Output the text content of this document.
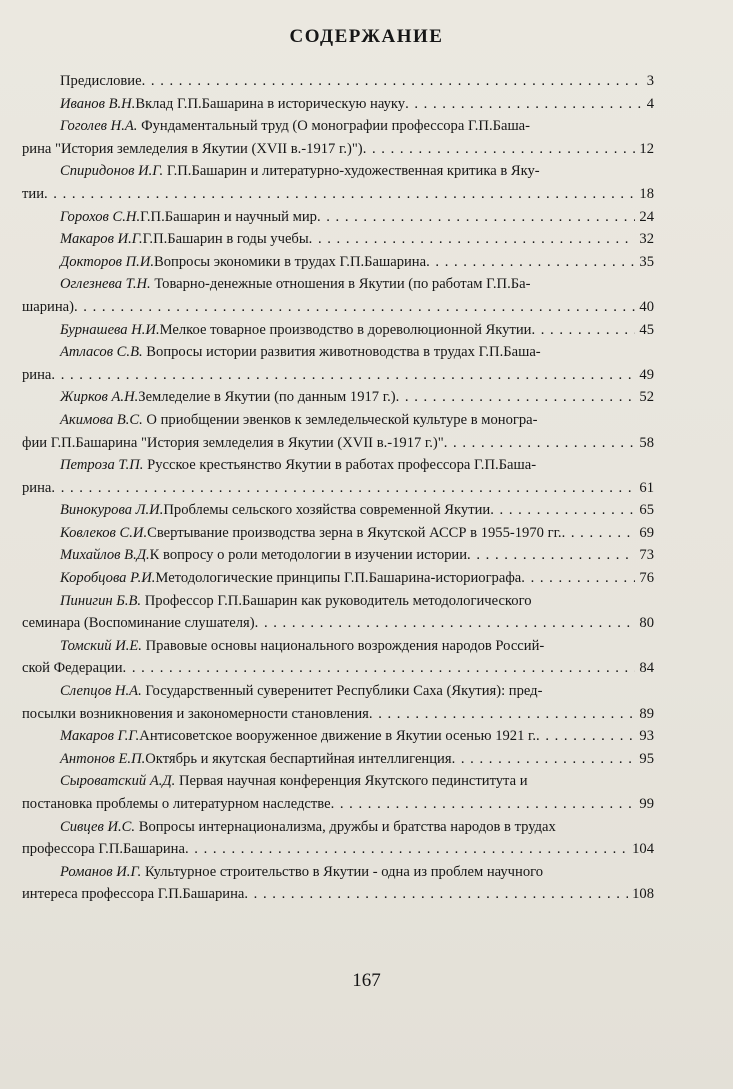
СОДЕРЖАНИЕ
Предисловие . . .	3
Иванов В.Н. Вклад Г.П.Башарина в историческую науку . . .	4
Гоголев Н.А. Фундаментальный труд (О монографии профессора Г.П.Баша-
рина "История земледелия в Якутии (XVII в.-1917 г.)") . . .	12
Спиридонов И.Г. Г.П.Башарин и литературно-художественная критика в Яку-
тии . . .	18
Горохов С.Н. Г.П.Башарин и научный мир . . .	24
Макаров И.Г. Г.П.Башарин в годы учебы . . .	32
Докторов П.И. Вопросы экономики в трудах Г.П.Башарина . . .	35
Оглезнева Т.Н. Товарно-денежные отношения в Якутии (по работам Г.П.Ба-
шарина) . . .	40
Бурнашева Н.И. Мелкое товарное производство в дореволюционной Якутии . . .	45
Атласов С.В. Вопросы истории развития животноводства в трудах Г.П.Баша-
рина . . .	49
Жирков А.Н. Земледелие в Якутии (по данным 1917 г.) . . .	52
Акимова В.С. О приобщении эвенков к земледельческой культуре в моногра-
фии Г.П.Башарина "История земледелия в Якутии (XVII в.-1917 г.)" . . .	58
Петроза Т.П. Русское крестьянство Якутии в работах профессора Г.П.Баша-
рина . . .	61
Винокурова Л.И. Проблемы сельского хозяйства современной Якутии . . .	65
Ковлеков С.И. Свертывание производства зерна в Якутской АССР в 1955-1970 гг. . . .	69
Михайлов В.Д. К вопросу о роли методологии в изучении истории . . .	73
Коробцова Р.И. Методологические принципы Г.П.Башарина-историографа . . .	76
Пинигин Б.В. Профессор Г.П.Башарин как руководитель методологического
семинара (Воспоминание слушателя) . . .	80
Томский И.Е. Правовые основы национального возрождения народов Россий-
ской Федерации . . .	84
Слепцов Н.А. Государственный суверенитет Республики Саха (Якутия): пред-
посылки возникновения и закономерности становления . . .	89
Макаров Г.Г. Антисоветское вооруженное движение в Якутии осенью 1921 г. . . .	93
Антонов Е.П. Октябрь и якутская беспартийная интеллигенция . . .	95
Сыроватский А.Д. Первая научная конференция Якутского пединститута и
постановка проблемы о литературном наследстве . . .	99
Сивцев И.С. Вопросы интернационализма, дружбы и братства народов в трудах
профессора Г.П.Башарина . . .	104
Романов И.Г. Культурное строительство в Якутии - одна из проблем научного
интереса профессора Г.П.Башарина . . .	108
167
